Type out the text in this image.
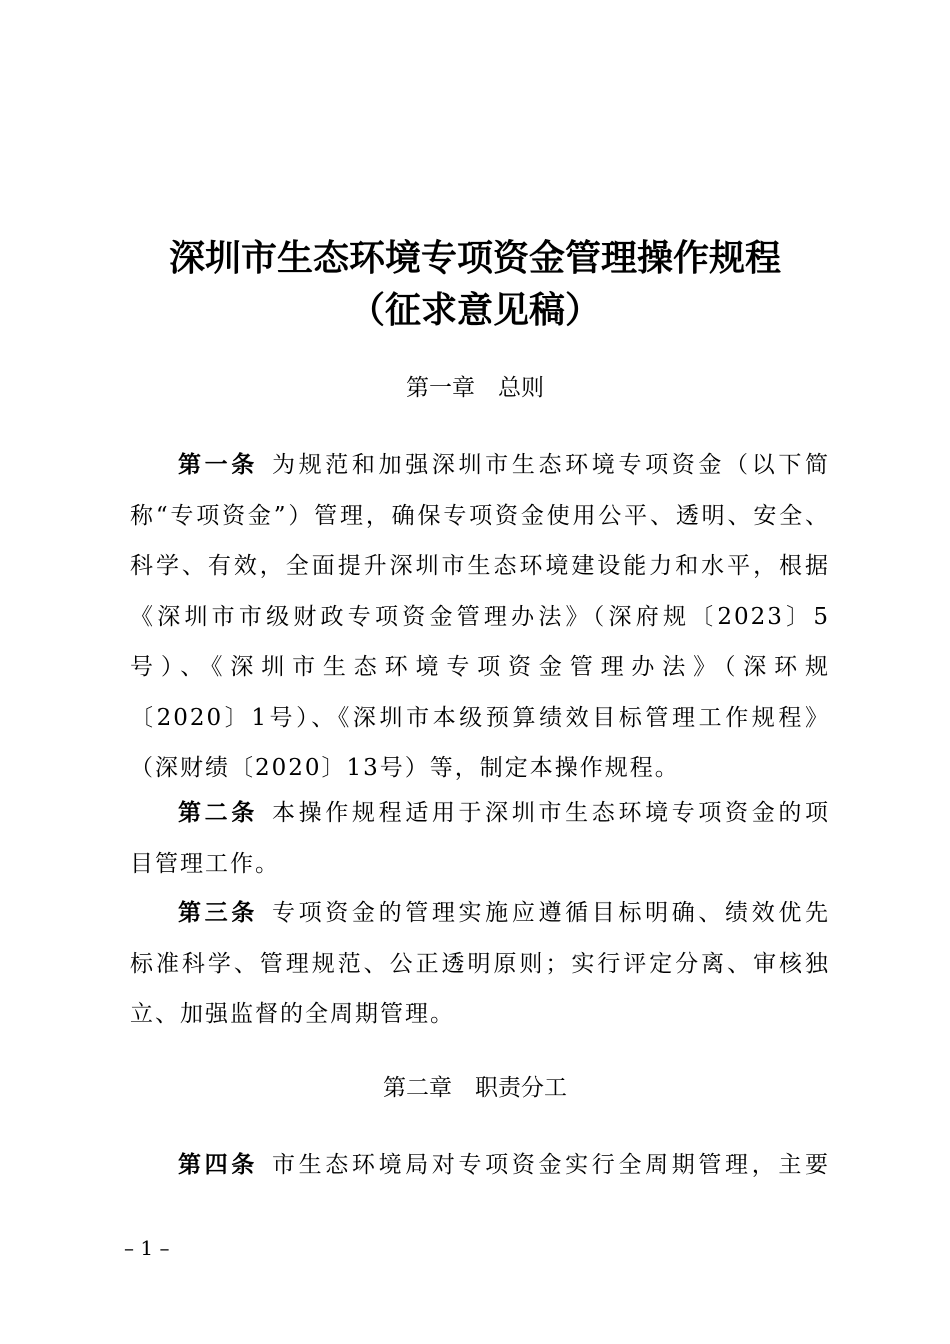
深圳市生态环境专项资金管理操作规程
（征求意见稿）
第一章　总则
第一条 为规范和加强深圳市生态环境专项资金（以下简
称“专项资金”）管理，确保专项资金使用公平、透明、安全、
科学、有效，全面提升深圳市生态环境建设能力和水平，根据
《深圳市市级财政专项资金管理办法》（深府规〔2023〕5
号）、《深圳市生态环境专项资金管理办法》（深环规
〔2020〕1号）、《深圳市本级预算绩效目标管理工作规程》
（深财绩〔2020〕13号）等，制定本操作规程。
第二条 本操作规程适用于深圳市生态环境专项资金的项
目管理工作。
第三条 专项资金的管理实施应遵循目标明确、绩效优先
标准科学、管理规范、公正透明原则；实行评定分离、审核独
立、加强监督的全周期管理。
第二章　职责分工
第四条 市生态环境局对专项资金实行全周期管理，主要
– 1 –
